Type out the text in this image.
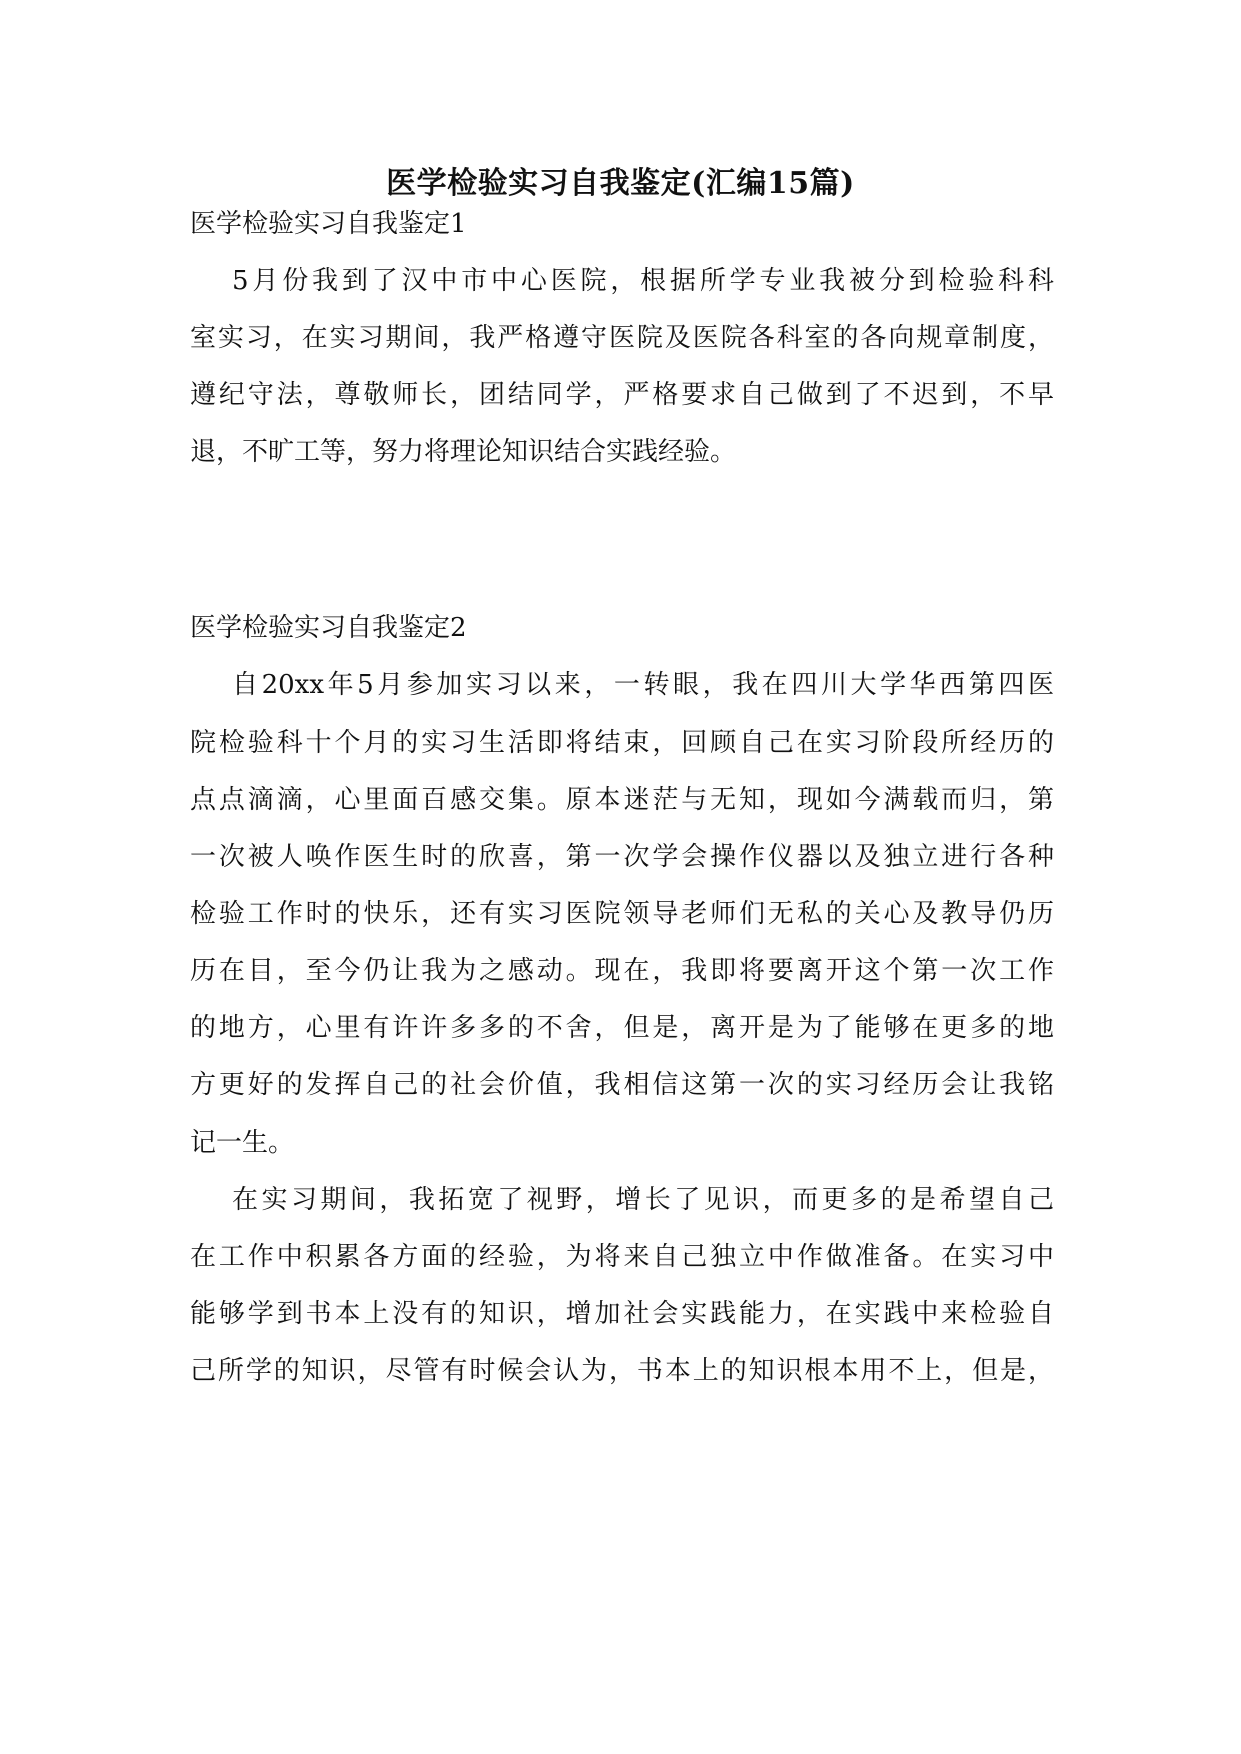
医学检验实习自我鉴定(汇编15篇)
医学检验实习自我鉴定1
5月份我到了汉中市中心医院，根据所学专业我被分到检验科科
室实习，在实习期间，我严格遵守医院及医院各科室的各向规章制度，
遵纪守法，尊敬师长，团结同学，严格要求自己做到了不迟到，不早
退，不旷工等，努力将理论知识结合实践经验。
医学检验实习自我鉴定2
自20xx年5月参加实习以来，一转眼，我在四川大学华西第四医
院检验科十个月的实习生活即将结束，回顾自己在实习阶段所经历的
点点滴滴，心里面百感交集。原本迷茫与无知，现如今满载而归，第
一次被人唤作医生时的欣喜，第一次学会操作仪器以及独立进行各种
检验工作时的快乐，还有实习医院领导老师们无私的关心及教导仍历
历在目，至今仍让我为之感动。现在，我即将要离开这个第一次工作
的地方，心里有许许多多的不舍，但是，离开是为了能够在更多的地
方更好的发挥自己的社会价值，我相信这第一次的实习经历会让我铭
记一生。
在实习期间，我拓宽了视野，增长了见识，而更多的是希望自己
在工作中积累各方面的经验，为将来自己独立中作做准备。在实习中
能够学到书本上没有的知识，增加社会实践能力，在实践中来检验自
己所学的知识，尽管有时候会认为，书本上的知识根本用不上，但是，
